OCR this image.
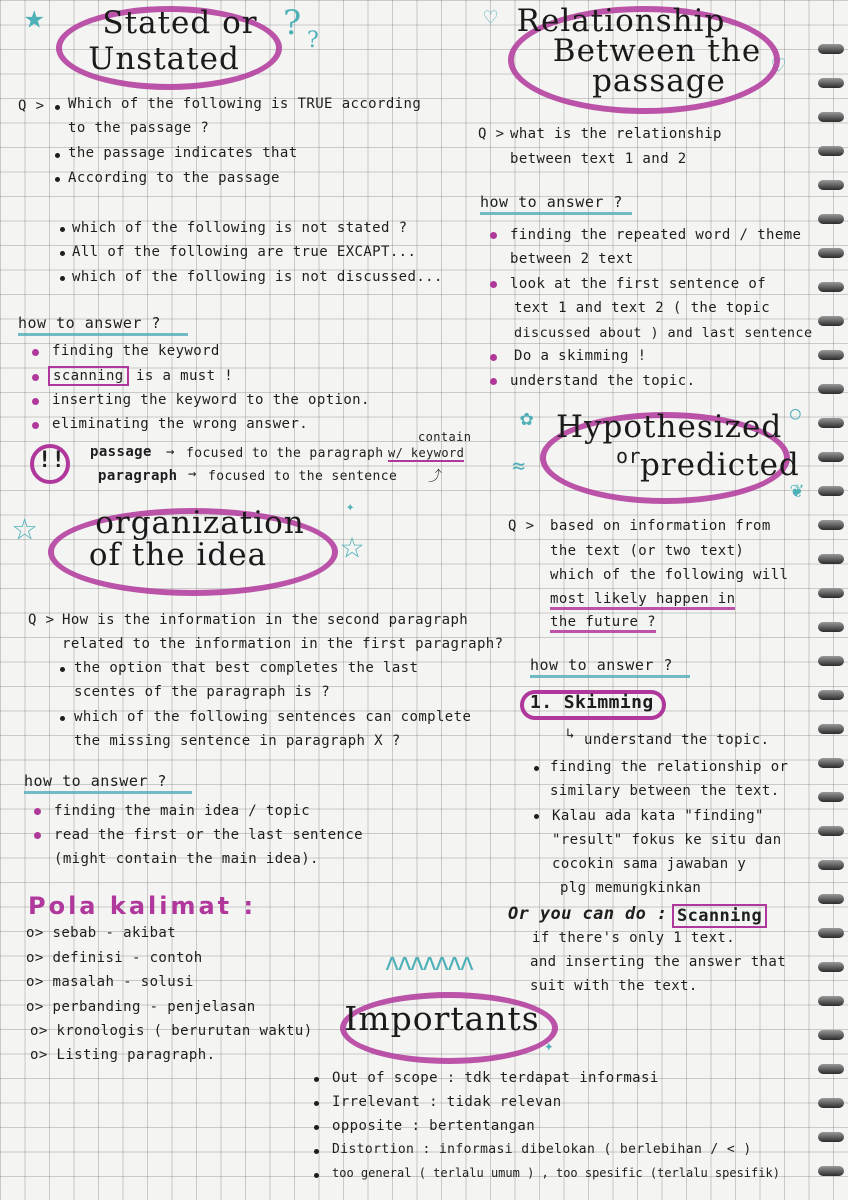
★	? ?
♡
♡
✿	○
☆	☆
✦
✦
ʌʌʌʌʌʌʌ
≈
❦
Stated or
Unstated
Q > Which of the following is TRUE according
to the passage ?
the passage indicates that
According to the passage
which of the following is not stated ?
All of the following are true EXCAPT...
which of the following is not discussed...
how to answer ?
finding the keyword
scanning is a must !
inserting the keyword to the option.
eliminating the wrong answer.
!! passage → focused to the paragraph w/ keyword
contain
paragraph → focused to the sentence ⤴
organization
of the idea
Q > How is the information in the second paragraph
related to the information in the first paragraph?
the option that best completes the last
scentes of the paragraph is ?
which of the following sentences can complete
the missing sentence in paragraph X ?
how to answer ?
finding the main idea / topic
read the first or the last sentence
(might contain the main idea).
Pola kalimat :
o> sebab - akibat
o> definisi - contoh
o> masalah - solusi
o> perbanding - penjelasan
o> kronologis ( berurutan waktu)
o> Listing paragraph.
Relationship
Between the
passage
Q > what is the relationship
between text 1 and 2
how to answer ?
finding the repeated word / theme
between 2 text
look at the first sentence of
text 1 and text 2 ( the topic
discussed about ) and last sentence
Do a skimming !
understand the topic.
Hypothesized
or predicted
Q > based on information from
the text (or two text)
which of the following will
most likely happen in
the future ?
how to answer ?
1. Skimming
↳ understand the topic.
finding the relationship or
similary between the text.
Kalau ada kata "finding"
"result" fokus ke situ dan
cocokin sama jawaban y
plg memungkinkan
Or you can do : Scanning
if there's only 1 text.
and inserting the answer that
suit with the text.
Importants
Out of scope : tdk terdapat informasi
Irrelevant : tidak relevan
opposite : bertentangan
Distortion : informasi dibelokan ( berlebihan / < )
too general ( terlalu umum ) , too spesific (terlalu spesifik)
